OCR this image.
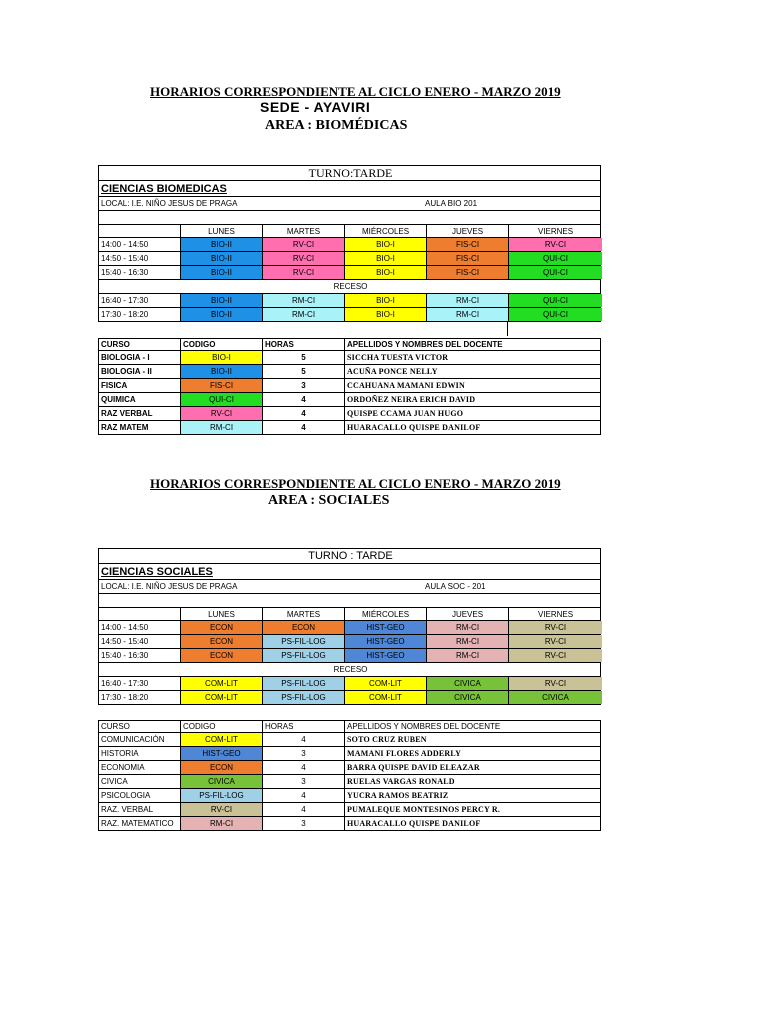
HORARIOS CORRESPONDIENTE AL CICLO ENERO - MARZO 2019
SEDE - AYAVIRI
AREA : BIOMÉDICAS
TURNO:TARDE
CIENCIAS BIOMEDICAS
LOCAL: I.E. NIÑO JESUS DE PRAGA	AULA BIO 201
LUNES	MARTES	MIÉRCOLES	JUEVES	VIERNES
14:00 - 14:50	BIO-II	RV-CI	BIO-I	FIS-CI	RV-CI
14:50 - 15:40	BIO-II	RV-CI	BIO-I	FIS-CI	QUI-CI
15:40 - 16:30	BIO-II	RV-CI	BIO-I	FIS-CI	QUI-CI
RECESO
16:40 - 17:30	BIO-II	RM-CI	BIO-I	RM-CI	QUI-CI
17:30 - 18:20	BIO-II	RM-CI	BIO-I	RM-CI	QUI-CI
CURSO	CODIGO	HORAS	APELLIDOS Y NOMBRES DEL DOCENTE
BIOLOGIA - I	BIO-I	5	SICCHA TUESTA VICTOR
BIOLOGIA - II	BIO-II	5	ACUÑA PONCE NELLY
FISICA	FIS-CI	3	CCAHUANA MAMANI EDWIN
QUIMICA	QUI-CI	4	ORDOÑEZ NEIRA ERICH DAVID
RAZ VERBAL	RV-CI	4	QUISPE CCAMA JUAN HUGO
RAZ MATEM	RM-CI	4	HUARACALLO QUISPE DANILOF
HORARIOS CORRESPONDIENTE AL CICLO ENERO - MARZO 2019
AREA : SOCIALES
TURNO : TARDE
CIENCIAS SOCIALES
LOCAL: I.E. NIÑO JESUS DE PRAGA	AULA SOC - 201
LUNES	MARTES	MIÉRCOLES	JUEVES	VIERNES
14:00 - 14:50	ECON	ECON	HIST-GEO	RM-CI	RV-CI
14:50 - 15:40	ECON	PS-FIL-LOG	HIST-GEO	RM-CI	RV-CI
15:40 - 16:30	ECON	PS-FIL-LOG	HIST-GEO	RM-CI	RV-CI
RECESO
16:40 - 17:30	COM-LIT	PS-FIL-LOG	COM-LIT	CIVICA	RV-CI
17:30 - 18:20	COM-LIT	PS-FIL-LOG	COM-LIT	CIVICA	CIVICA
CURSO	CODIGO	HORAS	APELLIDOS Y NOMBRES DEL DOCENTE
COMUNICACIÓN	COM-LIT	4	SOTO CRUZ RUBEN
HISTORIA	HIST-GEO	3	MAMANI FLORES ADDERLY
ECONOMIA	ECON	4	BARRA QUISPE DAVID ELEAZAR
CIVICA	CIVICA	3	RUELAS VARGAS RONALD
PSICOLOGIA	PS-FIL-LOG	4	YUCRA RAMOS BEATRIZ
RAZ. VERBAL	RV-CI	4	PUMALEQUE MONTESINOS PERCY R.
RAZ. MATEMATICO	RM-CI	3	HUARACALLO QUISPE DANILOF
